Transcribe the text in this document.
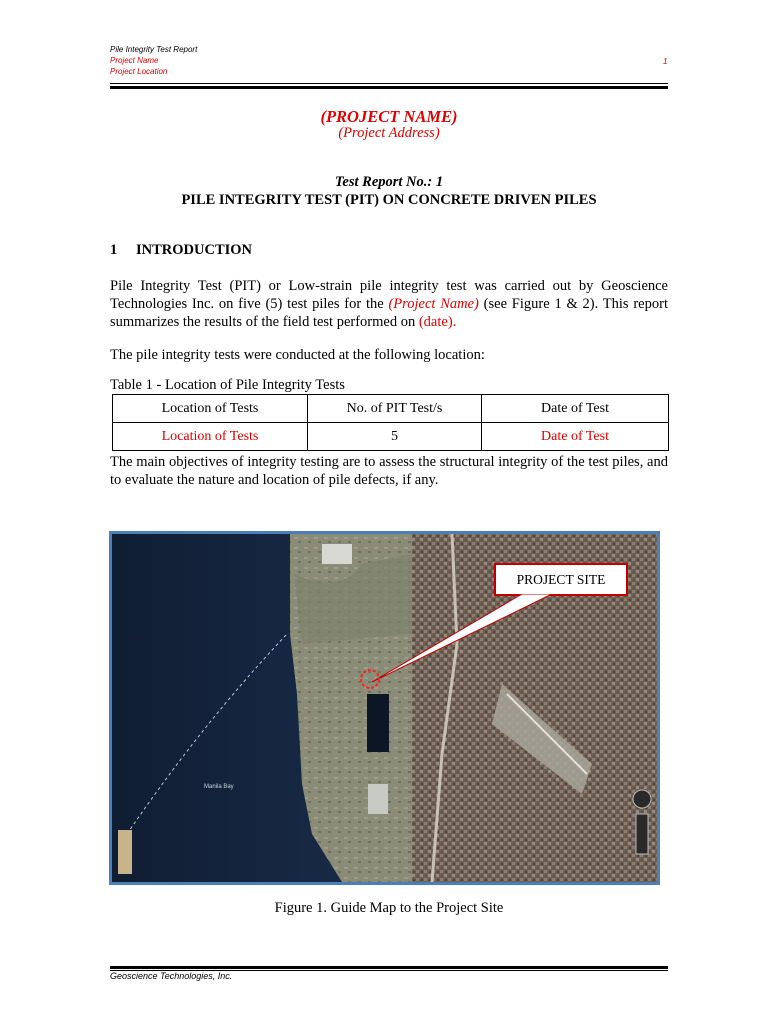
Pile Integrity Test Report
Project Name
Project Location
1
(PROJECT NAME)
(Project Address)
Test Report No.: 1
PILE INTEGRITY TEST (PIT) ON CONCRETE DRIVEN PILES
1 INTRODUCTION
Pile Integrity Test (PIT) or Low-strain pile integrity test was carried out by Geoscience Technologies Inc. on five (5) test piles for the (Project Name) (see Figure 1 & 2). This report summarizes the results of the field test performed on (date).
The pile integrity tests were conducted at the following location:
Table 1 - Location of Pile Integrity Tests
Location of Tests	No. of PIT Test/s	Date of Test
Location of Tests	5	Date of Test
The main objectives of integrity testing are to assess the structural integrity of the test piles, and to evaluate the nature and location of pile defects, if any.
PROJECT SITE
Manila Bay
Figure 1. Guide Map to the Project Site
Geoscience Technologies, Inc.
